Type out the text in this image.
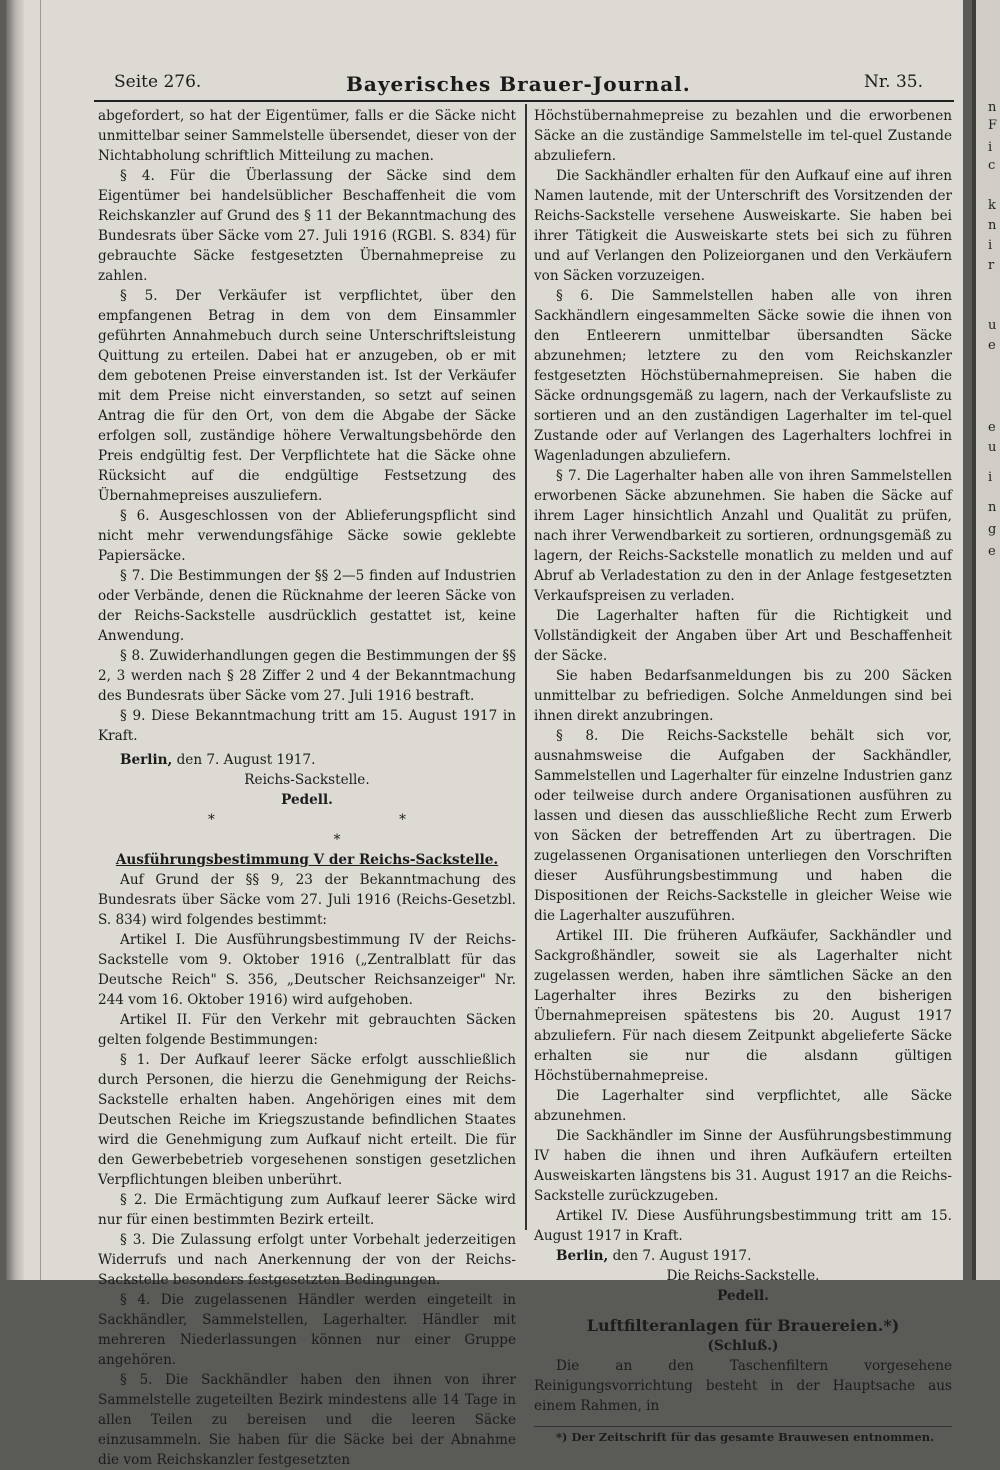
Seite 276.	Bayerisches Brauer-Journal.	Nr. 35.

abgefordert, so hat der Eigentümer, falls er die Säcke nicht unmittelbar seiner Sammelstelle übersendet, dieser von der Nichtabholung schriftlich Mitteilung zu machen.

§ 4. Für die Überlassung der Säcke sind dem Eigentümer bei handelsüblicher Beschaffenheit die vom Reichskanzler auf Grund des § 11 der Bekanntmachung des Bundesrats über Säcke vom 27. Juli 1916 (RGBl. S. 834) für gebrauchte Säcke festgesetzten Übernahmepreise zu zahlen.

§ 5. Der Verkäufer ist verpflichtet, über den empfangenen Betrag in dem von dem Einsammler geführten Annahmebuch durch seine Unterschriftsleistung Quittung zu erteilen. Dabei hat er anzugeben, ob er mit dem gebotenen Preise einverstanden ist. Ist der Verkäufer mit dem Preise nicht einverstanden, so setzt auf seinen Antrag die für den Ort, von dem die Abgabe der Säcke erfolgen soll, zuständige höhere Verwaltungsbehörde den Preis endgültig fest. Der Verpflichtete hat die Säcke ohne Rücksicht auf die endgültige Festsetzung des Übernahmepreises auszuliefern.

§ 6. Ausgeschlossen von der Ablieferungspflicht sind nicht mehr verwendungsfähige Säcke sowie geklebte Papiersäcke.

§ 7. Die Bestimmungen der §§ 2—5 finden auf Industrien oder Verbände, denen die Rücknahme der leeren Säcke von der Reichs-Sackstelle ausdrücklich gestattet ist, keine Anwendung.

§ 8. Zuwiderhandlungen gegen die Bestimmungen der §§ 2, 3 werden nach § 28 Ziffer 2 und 4 der Bekanntmachung des Bundesrats über Säcke vom 27. Juli 1916 bestraft.

§ 9. Diese Bekanntmachung tritt am 15. August 1917 in Kraft.

Berlin, den 7. August 1917.

Reichs-Sackstelle.

Pedell.

* *

*

Ausführungsbestimmung V der Reichs-Sackstelle.

Auf Grund der §§ 9, 23 der Bekanntmachung des Bundesrats über Säcke vom 27. Juli 1916 (Reichs-Gesetzbl. S. 834) wird folgendes bestimmt:

Artikel I. Die Ausführungsbestimmung IV der Reichs-Sackstelle vom 9. Oktober 1916 („Zentralblatt für das Deutsche Reich" S. 356, „Deutscher Reichsanzeiger" Nr. 244 vom 16. Oktober 1916) wird aufgehoben.

Artikel II. Für den Verkehr mit gebrauchten Säcken gelten folgende Bestimmungen:

§ 1. Der Aufkauf leerer Säcke erfolgt ausschließlich durch Personen, die hierzu die Genehmigung der Reichs-Sackstelle erhalten haben. Angehörigen eines mit dem Deutschen Reiche im Kriegszustande befindlichen Staates wird die Genehmigung zum Aufkauf nicht erteilt. Die für den Gewerbebetrieb vorgesehenen sonstigen gesetzlichen Verpflichtungen bleiben unberührt.

§ 2. Die Ermächtigung zum Aufkauf leerer Säcke wird nur für einen bestimmten Bezirk erteilt.

§ 3. Die Zulassung erfolgt unter Vorbehalt jederzeitigen Widerrufs und nach Anerkennung der von der Reichs-Sackstelle besonders festgesetzten Bedingungen.

§ 4. Die zugelassenen Händler werden eingeteilt in Sackhändler, Sammelstellen, Lagerhalter. Händler mit mehreren Niederlassungen können nur einer Gruppe angehören.

§ 5. Die Sackhändler haben den ihnen von ihrer Sammelstelle zugeteilten Bezirk mindestens alle 14 Tage in allen Teilen zu bereisen und die leeren Säcke einzusammeln. Sie haben für die Säcke bei der Abnahme die vom Reichskanzler festgesetzten

Höchstübernahmepreise zu bezahlen und die erworbenen Säcke an die zuständige Sammelstelle im tel-quel Zustande abzuliefern.

Die Sackhändler erhalten für den Aufkauf eine auf ihren Namen lautende, mit der Unterschrift des Vorsitzenden der Reichs-Sackstelle versehene Ausweiskarte. Sie haben bei ihrer Tätigkeit die Ausweiskarte stets bei sich zu führen und auf Verlangen den Polizeiorganen und den Verkäufern von Säcken vorzuzeigen.

§ 6. Die Sammelstellen haben alle von ihren Sackhändlern eingesammelten Säcke sowie die ihnen von den Entleerern unmittelbar übersandten Säcke abzunehmen; letztere zu den vom Reichskanzler festgesetzten Höchstübernahmepreisen. Sie haben die Säcke ordnungsgemäß zu lagern, nach der Verkaufsliste zu sortieren und an den zuständigen Lagerhalter im tel-quel Zustande oder auf Verlangen des Lagerhalters lochfrei in Wagenladungen abzuliefern.

§ 7. Die Lagerhalter haben alle von ihren Sammelstellen erworbenen Säcke abzunehmen. Sie haben die Säcke auf ihrem Lager hinsichtlich Anzahl und Qualität zu prüfen, nach ihrer Verwendbarkeit zu sortieren, ordnungsgemäß zu lagern, der Reichs-Sackstelle monatlich zu melden und auf Abruf ab Verladestation zu den in der Anlage festgesetzten Verkaufspreisen zu verladen.

Die Lagerhalter haften für die Richtigkeit und Vollständigkeit der Angaben über Art und Beschaffenheit der Säcke.

Sie haben Bedarfsanmeldungen bis zu 200 Säcken unmittelbar zu befriedigen. Solche Anmeldungen sind bei ihnen direkt anzubringen.

§ 8. Die Reichs-Sackstelle behält sich vor, ausnahmsweise die Aufgaben der Sackhändler, Sammelstellen und Lagerhalter für einzelne Industrien ganz oder teilweise durch andere Organisationen ausführen zu lassen und diesen das ausschließliche Recht zum Erwerb von Säcken der betreffenden Art zu übertragen. Die zugelassenen Organisationen unterliegen den Vorschriften dieser Ausführungsbestimmung und haben die Dispositionen der Reichs-Sackstelle in gleicher Weise wie die Lagerhalter auszuführen.

Artikel III. Die früheren Aufkäufer, Sackhändler und Sackgroßhändler, soweit sie als Lagerhalter nicht zugelassen werden, haben ihre sämtlichen Säcke an den Lagerhalter ihres Bezirks zu den bisherigen Übernahmepreisen spätestens bis 20. August 1917 abzuliefern. Für nach diesem Zeitpunkt abgelieferte Säcke erhalten sie nur die alsdann gültigen Höchstübernahmepreise.

Die Lagerhalter sind verpflichtet, alle Säcke abzunehmen.

Die Sackhändler im Sinne der Ausführungsbestimmung IV haben die ihnen und ihren Aufkäufern erteilten Ausweiskarten längstens bis 31. August 1917 an die Reichs-Sackstelle zurückzugeben.

Artikel IV. Diese Ausführungsbestimmung tritt am 15. August 1917 in Kraft.

Berlin, den 7. August 1917.

Die Reichs-Sackstelle.

Pedell.

Luftfilteranlagen für Brauereien.*)

(Schluß.)

Die an den Taschenfiltern vorgesehene Reinigungsvorrichtung besteht in der Hauptsache aus einem Rahmen, in

*) Der Zeitschrift für das gesamte Brauwesen entnommen.

n
F
i
c
k
n
i
r
u
e
e
u
i
n
g
e
